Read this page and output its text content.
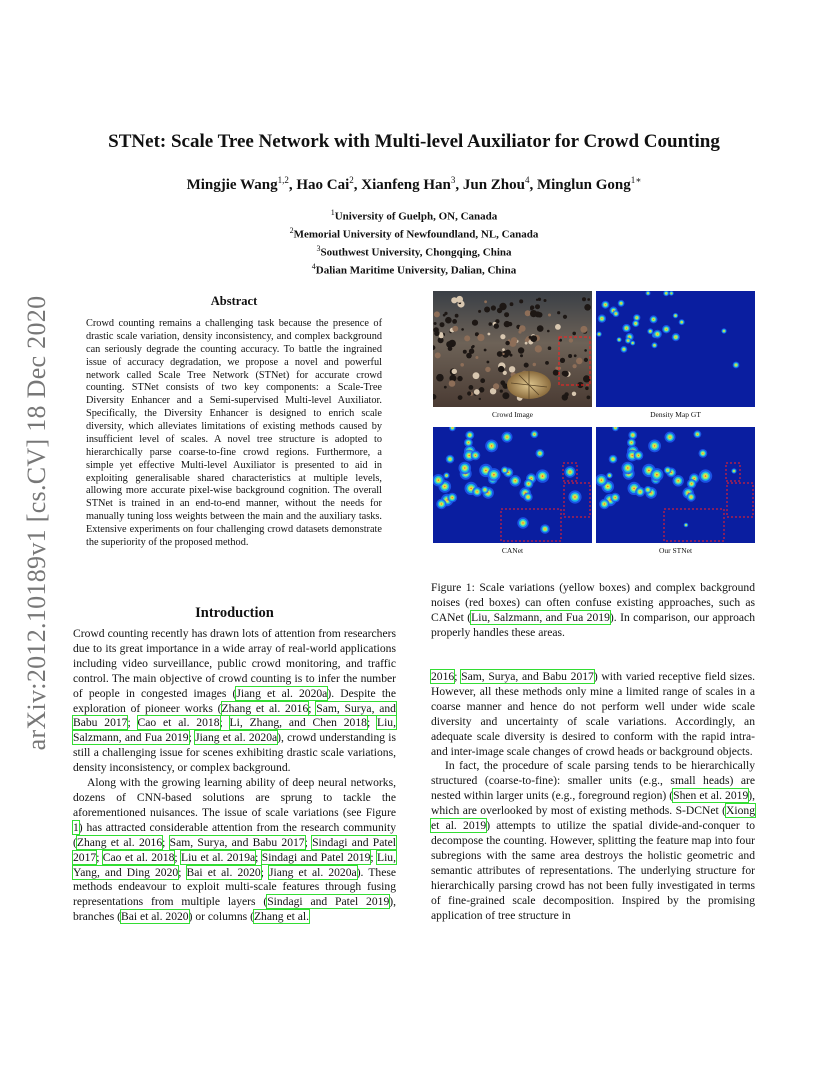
STNet: Scale Tree Network with Multi-level Auxiliator for Crowd Counting
Mingjie Wang$^{1,2}$, Hao Cai$^2$, Xianfeng Han$^3$, Jun Zhou$^4$, Minglun Gong$^{1∗}$
$^1$University of Guelph, ON, Canada
$^2$Memorial University of Newfoundland, NL, Canada
$^3$Southwest University, Chongqing, China
$^4$Dalian Maritime University, Dalian, China
arXiv:2012.10189v1 [cs.CV] 18 Dec 2020	Abstract

Crowd counting remains a challenging task because the presence of drastic scale variation, density inconsistency, and complex background can seriously degrade the counting accuracy. To battle the ingrained issue of accuracy degradation, we propose a novel and powerful network called Scale Tree Network (STNet) for accurate crowd counting. STNet consists of two key components: a Scale-Tree Diversity Enhancer and a Semi-supervised Multi-level Auxiliator. Specifically, the Diversity Enhancer is designed to enrich scale diversity, which alleviates limitations of existing methods caused by insufficient level of scales. A novel tree structure is adopted to hierarchically parse coarse-to-fine crowd regions. Furthermore, a simple yet effective Multi-level Auxiliator is presented to aid in exploiting generalisable shared characteristics at multiple levels, allowing more accurate pixel-wise background cognition. The overall STNet is trained in an end-to-end manner, without the needs for manually tuning loss weights between the main and the auxiliary tasks. Extensive experiments on four challenging crowd datasets demonstrate the superiority of the proposed method.

Introduction

Crowd counting recently has drawn lots of attention from researchers due to its great importance in a wide array of real-world applications including video surveillance, public crowd monitoring, and traffic control. The main objective of crowd counting is to infer the number of people in congested images (Jiang et al. 2020a). Despite the exploration of pioneer works (Zhang et al. 2016; Sam, Surya, and Babu 2017; Cao et al. 2018; Li, Zhang, and Chen 2018; Liu, Salzmann, and Fua 2019; Jiang et al. 2020a), crowd understanding is still a challenging issue for scenes exhibiting drastic scale variations, density inconsistency, or complex background.

Along with the growing learning ability of deep neural networks, dozens of CNN-based solutions are sprung to tackle the aforementioned nuisances. The issue of scale variations (see Figure 1) has attracted considerable attention from the research community (Zhang et al. 2016; Sam, Surya, and Babu 2017; Sindagi and Patel 2017; Cao et al. 2018; Liu et al. 2019a; Sindagi and Patel 2019; Liu, Yang, and Ding 2020; Bai et al. 2020; Jiang et al. 2020a). These methods endeavour to exploit multi-scale features through fusing representations from multiple layers (Sindagi and Patel 2019), branches (Bai et al. 2020) or columns (Zhang et al.

Crowd Image	Density Map GT
CANet	Our STNet

Figure 1: Scale variations (yellow boxes) and complex background noises (red boxes) can often confuse existing approaches, such as CANet (Liu, Salzmann, and Fua 2019). In comparison, our approach properly handles these areas.

2016; Sam, Surya, and Babu 2017) with varied receptive field sizes. However, all these methods only mine a limited range of scales in a coarse manner and hence do not perform well under wide scale diversity and uncertainty of scale variations. Accordingly, an adequate scale diversity is desired to conform with the rapid intra- and inter-image scale changes of crowd heads or background objects.

In fact, the procedure of scale parsing tends to be hierarchically structured (coarse-to-fine): smaller units (e.g., small heads) are nested within larger units (e.g., foreground region) (Shen et al. 2019), which are overlooked by most of existing methods. S-DCNet (Xiong et al. 2019) attempts to utilize the spatial divide-and-conquer to decompose the counting. However, splitting the feature map into four subregions with the same area destroys the holistic geometric and semantic attributes of representations. The underlying structure for hierarchically parsing crowd has not been fully investigated in terms of fine-grained scale decomposition. Inspired by the promising application of tree structure in
